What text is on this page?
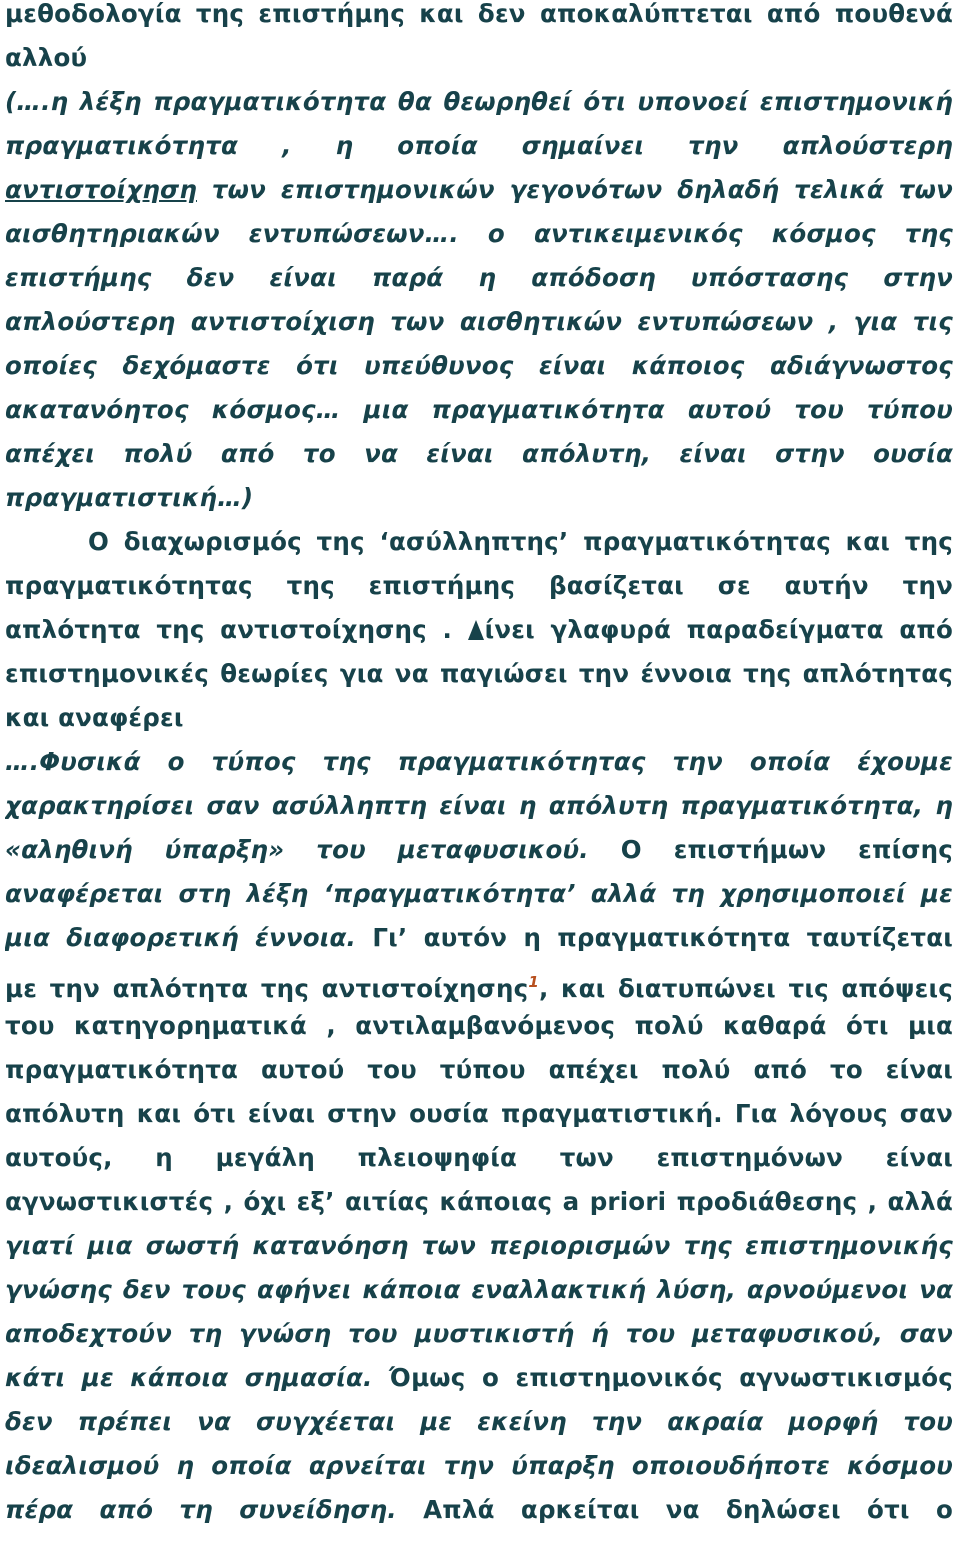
μεθοδολογία της επιστήμης και δεν αποκαλύπτεται από πουθενά
αλλού
(….η λέξη πραγματικότητα θα θεωρηθεί ότι υπονοεί επιστημονική
πραγματικότητα , η οποία σημαίνει την απλούστερη
αντιστοίχηση των επιστημονικών γεγονότων δηλαδή τελικά των
αισθητηριακών εντυπώσεων…. ο αντικειμενικός κόσμος της
επιστήμης δεν είναι παρά η απόδοση υπόστασης στην
απλούστερη αντιστοίχιση των αισθητικών εντυπώσεων , για τις
οποίες δεχόμαστε ότι υπεύθυνος είναι κάποιος αδιάγνωστος
ακατανόητος κόσμος… μια πραγματικότητα αυτού του τύπου
απέχει πολύ από το να είναι απόλυτη, είναι στην ουσία
πραγματιστική…)
Ο διαχωρισμός της ‘ασύλληπτης’ πραγματικότητας και της
πραγματικότητας της επιστήμης βασίζεται σε αυτήν την
απλότητα της αντιστοίχησης . ίνει γλαφυρά παραδείγματα από
επιστημονικές θεωρίες για να παγιώσει την έννοια της απλότητας
και αναφέρει
….Φυσικά ο τύπος της πραγματικότητας την οποία έχουμε
χαρακτηρίσει σαν ασύλληπτη είναι η απόλυτη πραγματικότητα, η
«αληθινή ύπαρξη» του μεταφυσικού. Ο επιστήμων επίσης
αναφέρεται στη λέξη ‘πραγματικότητα’ αλλά τη χρησιμοποιεί με
μια διαφορετική έννοια. Γι’ αυτόν η πραγματικότητα ταυτίζεται
με την απλότητα της αντιστοίχησης$^1$, και διατυπώνει τις απόψεις
του κατηγορηματικά , αντιλαμβανόμενος πολύ καθαρά ότι μια
πραγματικότητα αυτού του τύπου απέχει πολύ από το είναι
απόλυτη και ότι είναι στην ουσία πραγματιστική. Για λόγους σαν
αυτούς, η μεγάλη πλειοψηφία των επιστημόνων είναι
αγνωστικιστές , όχι εξ’ αιτίας κάποιας a priori προδιάθεσης , αλλά
γιατί μια σωστή κατανόηση των περιορισμών της επιστημονικής
γνώσης δεν τους αφήνει κάποια εναλλακτική λύση, αρνούμενοι να
αποδεχτούν τη γνώση του μυστικιστή ή του μεταφυσικού, σαν
κάτι με κάποια σημασία. Όμως ο επιστημονικός αγνωστικισμός
δεν πρέπει να συγχέεται με εκείνη την ακραία μορφή του
ιδεαλισμού η οποία αρνείται την ύπαρξη οποιουδήποτε κόσμου
πέρα από τη συνείδηση. Απλά αρκείται να δηλώσει ότι ο
